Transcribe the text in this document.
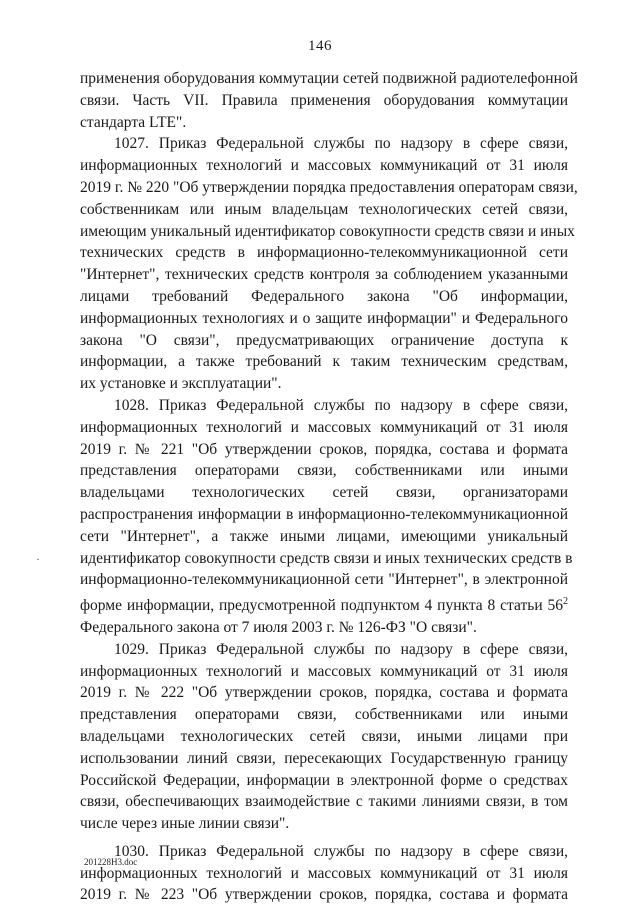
146
применения оборудования коммутации сетей подвижной радиотелефонной
связи. Часть VII. Правила применения оборудования коммутации
стандарта LTE".
1027. Приказ Федеральной службы по надзору в сфере связи,
информационных технологий и массовых коммуникаций от 31 июля
2019 г. № 220 "Об утверждении порядка предоставления операторам связи,
собственникам или иным владельцам технологических сетей связи,
имеющим уникальный идентификатор совокупности средств связи и иных
технических средств в информационно-телекоммуникационной сети
"Интернет", технических средств контроля за соблюдением указанными
лицами требований Федерального закона "Об информации,
информационных технологиях и о защите информации" и Федерального
закона "О связи", предусматривающих ограничение доступа к
информации, а также требований к таким техническим средствам,
их установке и эксплуатации".
1028. Приказ Федеральной службы по надзору в сфере связи,
информационных технологий и массовых коммуникаций от 31 июля
2019 г. № 221 "Об утверждении сроков, порядка, состава и формата
представления операторами связи, собственниками или иными
владельцами технологических сетей связи, организаторами
распространения информации в информационно-телекоммуникационной
сети "Интернет", а также иными лицами, имеющими уникальный
идентификатор совокупности средств связи и иных технических средств в
информационно-телекоммуникационной сети "Интернет", в электронной
форме информации, предусмотренной подпунктом 4 пункта 8 статьи $56^2$
Федерального закона от 7 июля 2003 г. № 126-ФЗ "О связи".
1029. Приказ Федеральной службы по надзору в сфере связи,
информационных технологий и массовых коммуникаций от 31 июля
2019 г. № 222 "Об утверждении сроков, порядка, состава и формата
представления операторами связи, собственниками или иными
владельцами технологических сетей связи, иными лицами при
использовании линий связи, пересекающих Государственную границу
Российской Федерации, информации в электронной форме о средствах
связи, обеспечивающих взаимодействие с такими линиями связи, в том
числе через иные линии связи".
1030. Приказ Федеральной службы по надзору в сфере связи,
информационных технологий и массовых коммуникаций от 31 июля
2019 г. № 223 "Об утверждении сроков, порядка, состава и формата
·
201228Н3.doc
